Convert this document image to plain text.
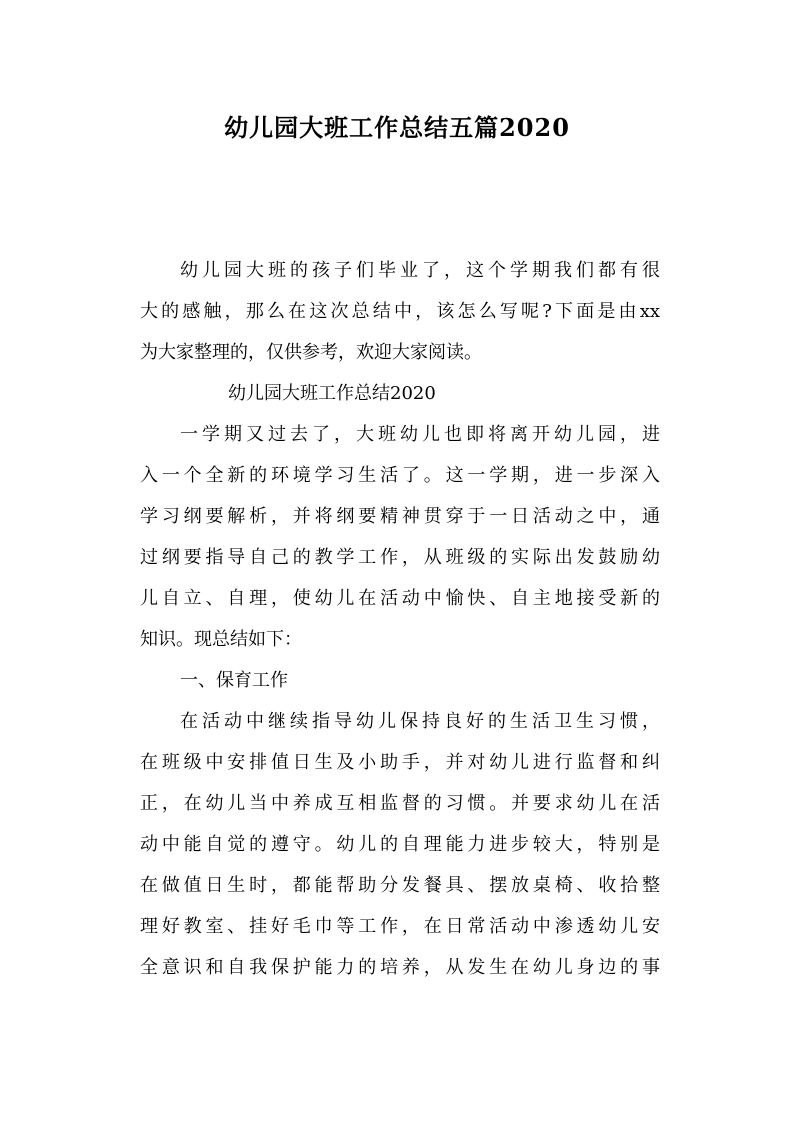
幼儿园大班工作总结五篇2020
幼儿园大班的孩子们毕业了，这个学期我们都有很
大的感触，那么在这次总结中，该怎么写呢?下面是由xx
为大家整理的，仅供参考，欢迎大家阅读。
幼儿园大班工作总结2020
一学期又过去了，大班幼儿也即将离开幼儿园，进
入一个全新的环境学习生活了。这一学期，进一步深入
学习纲要解析，并将纲要精神贯穿于一日活动之中，通
过纲要指导自己的教学工作，从班级的实际出发鼓励幼
儿自立、自理，使幼儿在活动中愉快、自主地接受新的
知识。现总结如下：
一、保育工作
在活动中继续指导幼儿保持良好的生活卫生习惯，
在班级中安排值日生及小助手，并对幼儿进行监督和纠
正，在幼儿当中养成互相监督的习惯。并要求幼儿在活
动中能自觉的遵守。幼儿的自理能力进步较大，特别是
在做值日生时，都能帮助分发餐具、摆放桌椅、收拾整
理好教室、挂好毛巾等工作，在日常活动中渗透幼儿安
全意识和自我保护能力的培养，从发生在幼儿身边的事
